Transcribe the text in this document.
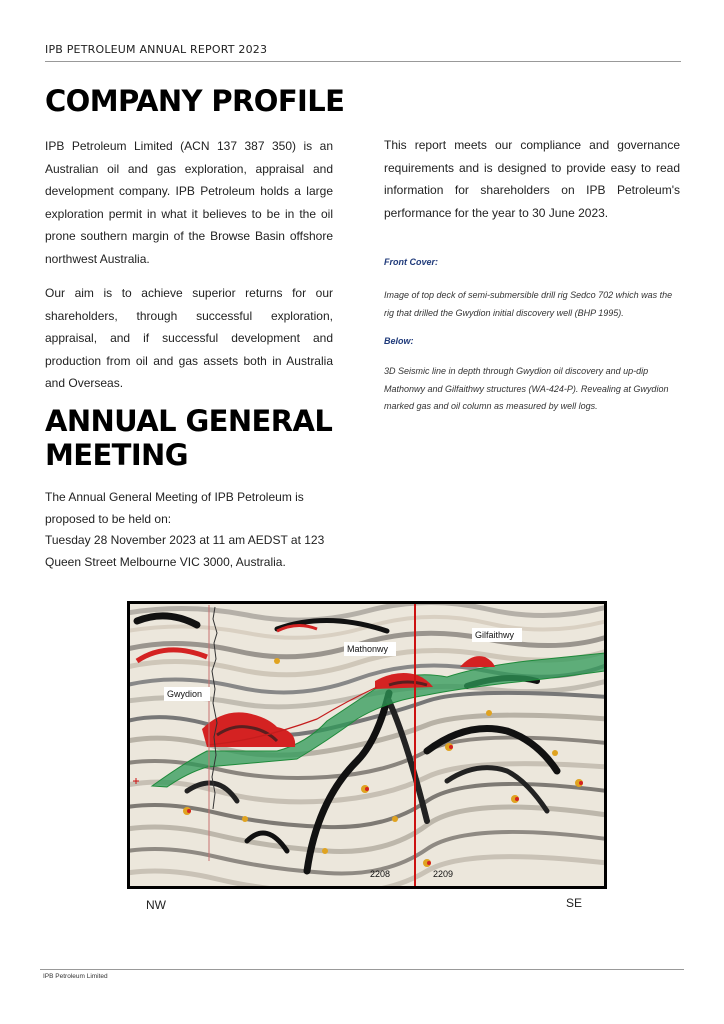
IPB PETROLEUM ANNUAL REPORT 2023
COMPANY PROFILE

IPB Petroleum Limited (ACN 137 387 350) is an Australian oil and gas exploration, appraisal and development company. IPB Petroleum holds a large exploration permit in what it believes to be in the oil prone southern margin of the Browse Basin offshore northwest Australia.

Our aim is to achieve superior returns for our shareholders, through successful exploration, appraisal, and if successful development and production from oil and gas assets both in Australia and Overseas.

This report meets our compliance and governance requirements and is designed to provide easy to read information for shareholders on IPB Petroleum's performance for the year to 30 June 2023.

Front Cover:

Image of top deck of semi-submersible drill rig Sedco 702 which was the rig that drilled the Gwydion initial discovery well (BHP 1995).

Below:

3D Seismic line in depth through Gwydion oil discovery and up-dip Mathonwy and Gilfaithwy structures (WA-424-P). Revealing at Gwydion marked gas and oil column as measured by well logs.

ANNUAL GENERAL
MEETING

The Annual General Meeting of IPB Petroleum is

proposed to be held on:

Tuesday 28 November 2023 at 11 am AEDST at 123

Queen Street Melbourne VIC 3000, Australia.

Gwydion
Mathonwy
Gilfaithwy
2208	2209
NW	SE
IPB Petroleum Limited
